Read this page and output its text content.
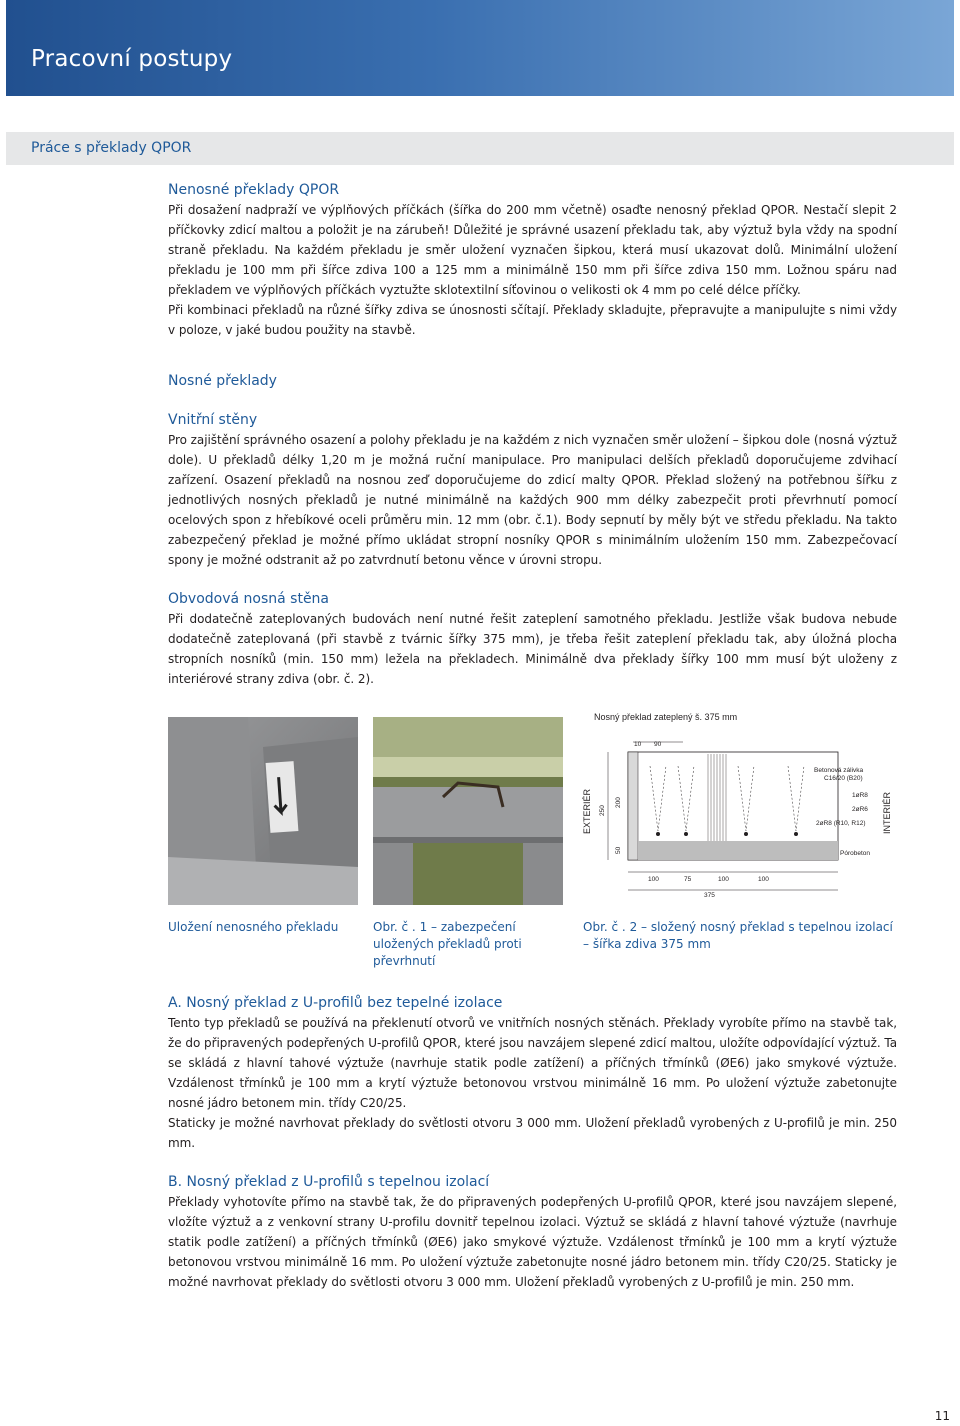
Pracovní postupy
Práce s překlady QPOR
Nenosné překlady QPOR

Při dosažení nadpraží ve výplňových příčkách (šířka do 200 mm včetně) osaďte nenosný překlad QPOR. Nestačí slepit 2 příčkovky zdicí maltou a položit je na zárubeň! Důležité je správné usazení překladu tak, aby výztuž byla vždy na spodní straně překladu. Na každém překladu je směr uložení vyznačen šipkou, která musí ukazovat dolů. Minimální uložení překladu je 100 mm při šířce zdiva 100 a 125 mm a minimálně 150 mm při šířce zdiva 150 mm. Ložnou spáru nad překladem ve výplňových příčkách vyztužte sklotextilní síťovinou o velikosti ok 4 mm po celé délce příčky.

Při kombinaci překladů na různé šířky zdiva se únosnosti sčítají. Překlady skladujte, přepravujte a manipulujte s nimi vždy v poloze, v jaké budou použity na stavbě.

Nosné překlady
Vnitřní stěny

Pro zajištění správného osazení a polohy překladu je na každém z nich vyznačen směr uložení – šipkou dole (nosná výztuž dole). U překladů délky 1,20 m je možná ruční manipulace. Pro manipulaci delších překladů doporučujeme zdvihací zařízení. Osazení překladů na nosnou zeď doporučujeme do zdicí malty QPOR. Překlad složený na potřebnou šířku z jednotlivých nosných překladů je nutné minimálně na každých 900 mm délky zabezpečit proti převrhnutí pomocí ocelových spon z hřebíkové oceli průměru min. 12 mm (obr. č.1). Body sepnutí by měly být ve středu překladu. Na takto zabezpečený překlad je možné přímo ukládat stropní nosníky QPOR s minimálním uložením 150 mm. Zabezpečovací spony je možné odstranit až po zatvrdnutí betonu věnce v úrovni stropu.

Obvodová nosná stěna

Při dodatečně zateplovaných budovách není nutné řešit zateplení samotného překladu. Jestliže však budova nebude dodatečně zateplovaná (při stavbě z tvárnic šířky 375 mm), je třeba řešit zateplení překladu tak, aby úložná plocha stropních nosníků (min. 150 mm) ležela na překladech. Minimálně dva překlady šířky 100 mm musí být uloženy z interiérové strany zdiva (obr. č. 2).

Nosný překlad zateplený š. 375 mm
10 90
Betonová zálivka
C16/20 (B20)
1øR8
2øR6
2øR8 (R10, R12)
Pórobeton
EXTERIÉR	INTERIÉR
250
200
50
100	75	100	100
375
Uložení nenosného překladu	Obr. č . 1 – zabezpečení uložených překladů proti převrhnutí
Obr. č . 2 – složený nosný překlad s tepelnou izolací – šířka zdiva 375 mm
A. Nosný překlad z U-profilů bez tepelné izolace

Tento typ překladů se používá na překlenutí otvorů ve vnitřních nosných stěnách. Překlady vyrobíte přímo na stavbě tak, že do připravených podepřených U-profilů QPOR, které jsou navzájem slepené zdicí maltou, uložíte odpovídající výztuž. Ta se skládá z hlavní tahové výztuže (navrhuje statik podle zatížení) a příčných třmínků (ØE6) jako smykové výztuže. Vzdálenost třmínků je 100 mm a krytí výztuže betonovou vrstvou minimálně 16 mm. Po uložení výztuže zabetonujte nosné jádro betonem min. třídy C20/25.

Staticky je možné navrhovat překlady do světlosti otvoru 3 000 mm. Uložení překladů vyrobených z U-profilů je min. 250 mm.

B. Nosný překlad z U-profilů s tepelnou izolací

Překlady vyhotovíte přímo na stavbě tak, že do připravených podepřených U-profilů QPOR, které jsou navzájem slepené, vložíte výztuž a z venkovní strany U-profilu dovnitř tepelnou izolaci. Výztuž se skládá z hlavní tahové výztuže (navrhuje statik podle zatížení) a příčných třmínků (ØE6) jako smykové výztuže. Vzdálenost třmínků je 100 mm a krytí výztuže betonovou vrstvou minimálně 16 mm. Po uložení výztuže zabetonujte nosné jádro betonem min. třídy C20/25. Staticky je možné navrhovat překlady do světlosti otvoru 3 000 mm. Uložení překladů vyrobených z U-profilů je min. 250 mm.

11
